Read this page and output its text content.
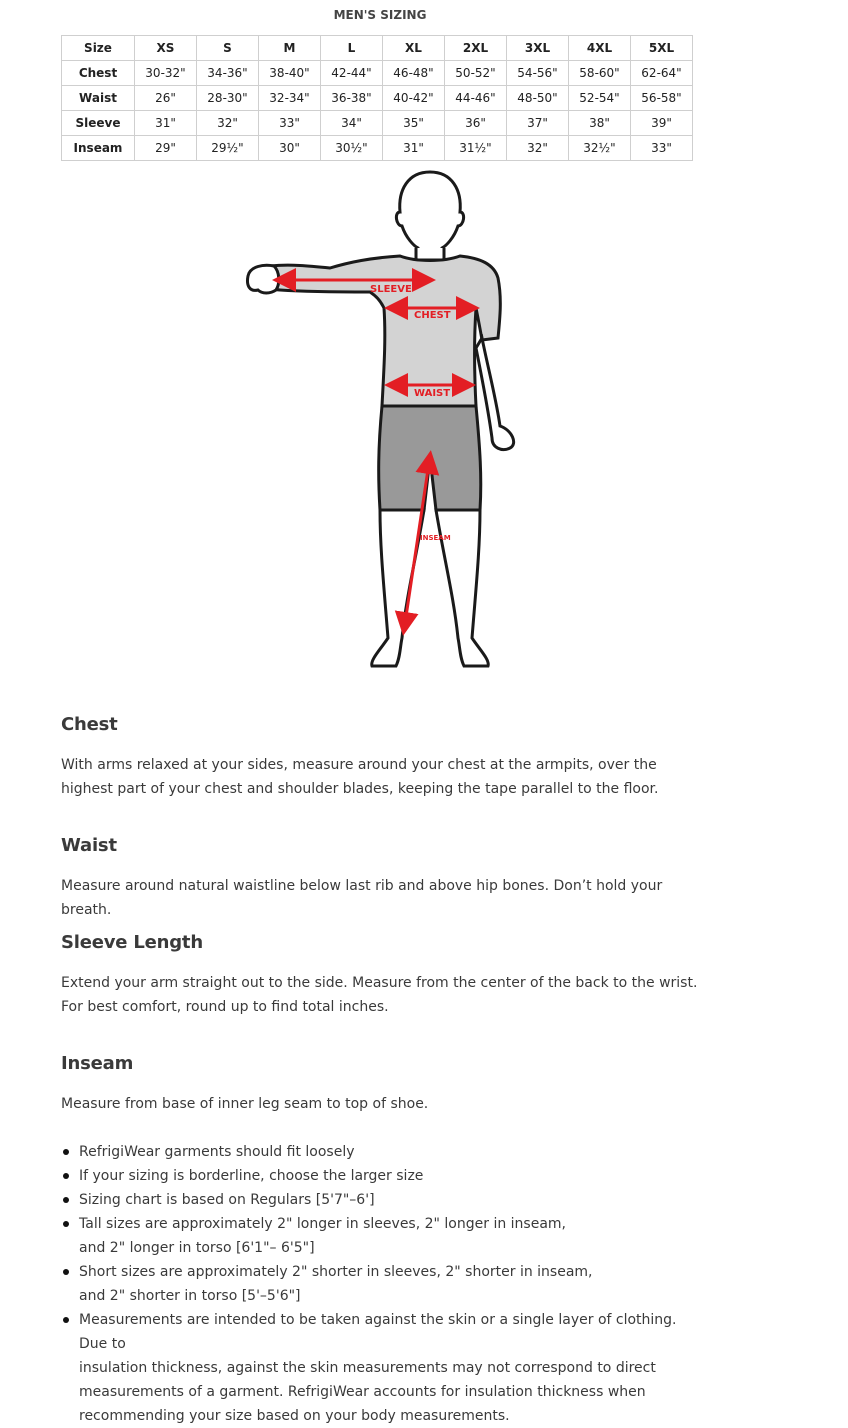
MEN'S SIZING
Size	XS	S	M	L	XL	2XL	3XL	4XL	5XL
Chest	30-32"	34-36"	38-40"	42-44"	46-48"	50-52"	54-56"	58-60"	62-64"
Waist	26"	28-30"	32-34"	36-38"	40-42"	44-46"	48-50"	52-54"	56-58"
Sleeve	31"	32"	33"	34"	35"	36"	37"	38"	39"
Inseam	29"	29½"	30"	30½"	31"	31½"	32"	32½"	33"
SLEEVE
CHEST
WAIST
INSEAM
Chest
With arms relaxed at your sides, measure around your chest at the armpits, over the highest part of your chest and shoulder blades, keeping the tape parallel to the floor.
Waist
Measure around natural waistline below last rib and above hip bones. Don’t hold your breath.
Sleeve Length
Extend your arm straight out to the side. Measure from the center of the back to the wrist. For best comfort, round up to find total inches.
Inseam
Measure from base of inner leg seam to top of shoe.
RefrigiWear garments should fit loosely
If your sizing is borderline, choose the larger size
Sizing chart is based on Regulars [5'7"–6']
Tall sizes are approximately 2" longer in sleeves, 2" longer in inseam,
and 2" longer in torso [6'1"– 6'5"]
Short sizes are approximately 2" shorter in sleeves, 2" shorter in inseam,
and 2" shorter in torso [5'–5'6"]
Measurements are intended to be taken against the skin or a single layer of clothing. Due to
insulation thickness, against the skin measurements may not correspond to direct
measurements of a garment. RefrigiWear accounts for insulation thickness when
recommending your size based on your body measurements.
